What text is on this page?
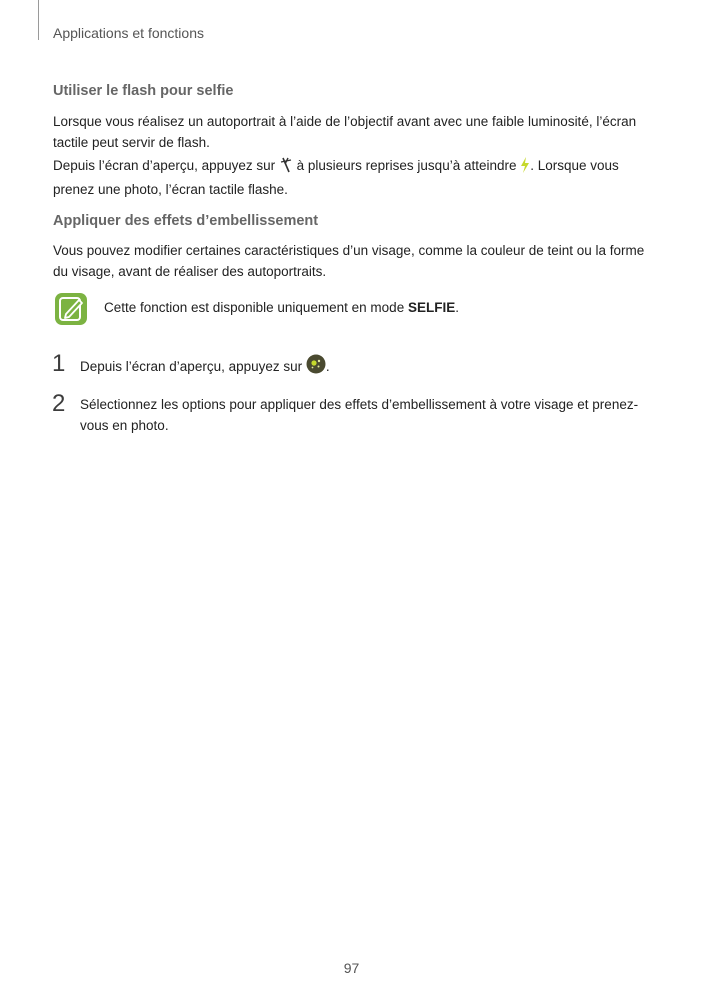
Applications et fonctions
Utiliser le flash pour selfie
Lorsque vous réalisez un autoportrait à l’aide de l’objectif avant avec une faible luminosité, l’écran tactile peut servir de flash.
Depuis l’écran d’aperçu, appuyez sur  à plusieurs reprises jusqu’à atteindre . Lorsque vous prenez une photo, l’écran tactile flashe.
Appliquer des effets d’embellissement
Vous pouvez modifier certaines caractéristiques d’un visage, comme la couleur de teint ou la forme du visage, avant de réaliser des autoportraits.
Cette fonction est disponible uniquement en mode SELFIE.
1 Depuis l’écran d’aperçu, appuyez sur .
2 Sélectionnez les options pour appliquer des effets d’embellissement à votre visage et prenez-vous en photo.
97
